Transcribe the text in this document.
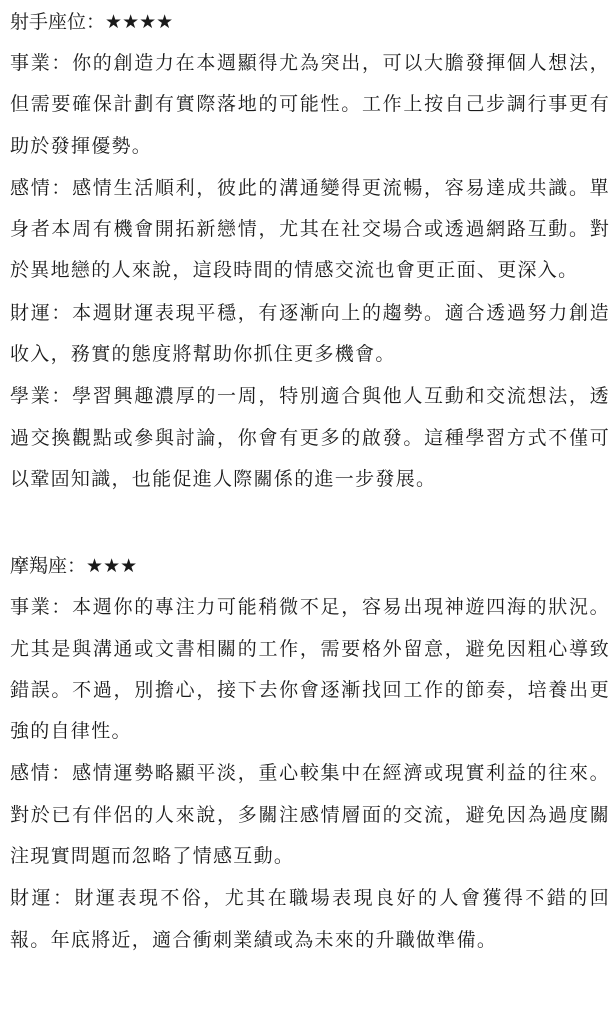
射手座位：★★★★

事業：你的創造力在本週顯得尤為突出，可以大膽發揮個人想法，但需要確保計劃有實際落地的可能性。工作上按自己步調行事更有助於發揮優勢。

感情：感情生活順利，彼此的溝通變得更流暢，容易達成共識。單身者本周有機會開拓新戀情，尤其在社交場合或透過網路互動。對於異地戀的人來說，這段時間的情感交流也會更正面、更深入。

財運：本週財運表現平穩，有逐漸向上的趨勢。適合透過努力創造收入，務實的態度將幫助你抓住更多機會。

學業：學習興趣濃厚的一周，特別適合與他人互動和交流想法，透過交換觀點或參與討論，你會有更多的啟發。這種學習方式不僅可以鞏固知識，也能促進人際關係的進一步發展。

摩羯座：★★★

事業：本週你的專注力可能稍微不足，容易出現神遊四海的狀況。尤其是與溝通或文書相關的工作，需要格外留意，避免因粗心導致錯誤。不過，別擔心，接下去你會逐漸找回工作的節奏，培養出更強的自律性。

感情：感情運勢略顯平淡，重心較集中在經濟或現實利益的往來。對於已有伴侶的人來說，多關注感情層面的交流，避免因為過度關注現實問題而忽略了情感互動。

財運：財運表現不俗，尤其在職場表現良好的人會獲得不錯的回報。年底將近，適合衝刺業績或為未來的升職做準備。
